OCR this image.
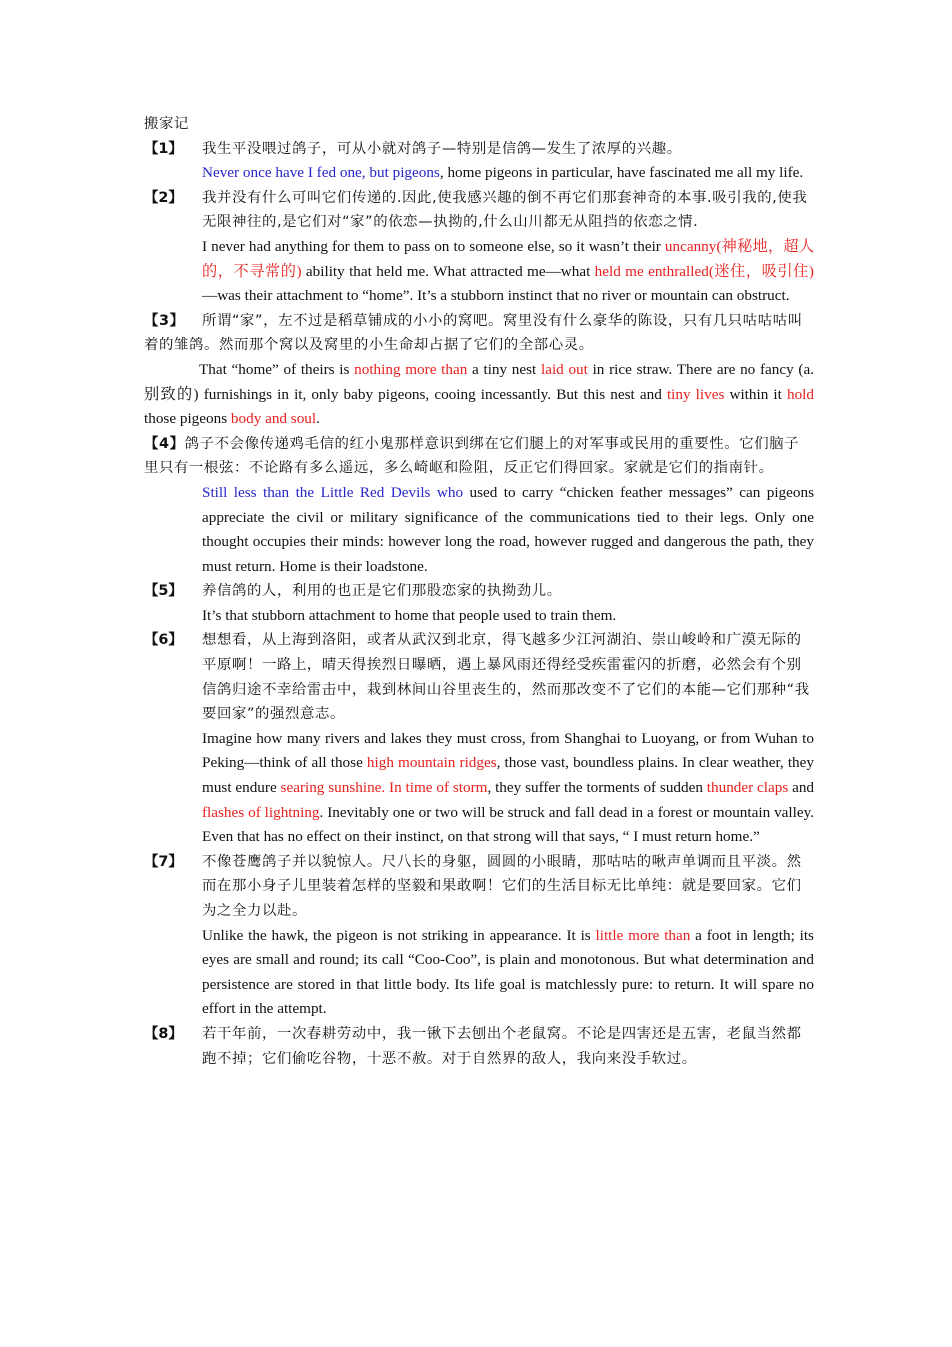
搬家记
【1】	我生平没喂过鸽子，可从小就对鸽子—特别是信鸽—发生了浓厚的兴趣。
Never once have I fed one, but pigeons, home pigeons in particular, have fascinated me all my life.
【2】	我并没有什么可叫它们传递的.因此,使我感兴趣的倒不再它们那套神奇的本事.吸引我的,使我无限神往的,是它们对“家”的依恋—执拗的,什么山川都无从阻挡的依恋之情.
I never had anything for them to pass on to someone else, so it wasn’t their uncanny(神秘地，超人的，不寻常的) ability that held me. What attracted me—what held me enthralled(迷住，吸引住)—was their attachment to “home”. It’s a stubborn instinct that no river or mountain can obstruct.
【3】 所谓“家”，左不过是稻草铺成的小小的窝吧。窝里没有什么豪华的陈设，只有几只咕咕咕叫着的雏鸽。然而那个窝以及窝里的小生命却占据了它们的全部心灵。
That “home” of theirs is nothing more than a tiny nest laid out in rice straw. There are no fancy (a. 别致的) furnishings in it, only baby pigeons, cooing incessantly. But this nest and tiny lives within it hold those pigeons body and soul.
【4】鸽子不会像传递鸡毛信的红小鬼那样意识到绑在它们腿上的对军事或民用的重要性。它们脑子里只有一根弦：不论路有多么遥远，多么崎岖和险阻，反正它们得回家。家就是它们的指南针。
Still less than the Little Red Devils who used to carry “chicken feather messages” can pigeons appreciate the civil or military significance of the communications tied to their legs. Only one thought occupies their minds: however long the road, however rugged and dangerous the path, they must return. Home is their loadstone.
【5】	养信鸽的人，利用的也正是它们那股恋家的执拗劲儿。
It’s that stubborn attachment to home that people used to train them.
【6】	想想看，从上海到洛阳，或者从武汉到北京，得飞越多少江河湖泊、崇山峻岭和广漠无际的平原啊！一路上，晴天得挨烈日曝晒，遇上暴风雨还得经受疾雷霍闪的折磨，必然会有个别信鸽归途不幸给雷击中，栽到林间山谷里丧生的，然而那改变不了它们的本能—它们那种“我要回家”的强烈意志。
Imagine how many rivers and lakes they must cross, from Shanghai to Luoyang, or from Wuhan to Peking—think of all those high mountain ridges, those vast, boundless plains. In clear weather, they must endure searing sunshine. In time of storm, they suffer the torments of sudden thunder claps and flashes of lightning. Inevitably one or two will be struck and fall dead in a forest or mountain valley. Even that has no effect on their instinct, on that strong will that says, “ I must return home.”
【7】	不像苍鹰鸽子并以貌惊人。尺八长的身躯，圆圆的小眼睛，那咕咕的啾声单调而且平淡。然而在那小身子儿里装着怎样的坚毅和果敢啊！它们的生活目标无比单纯：就是要回家。它们为之全力以赴。
Unlike the hawk, the pigeon is not striking in appearance. It is little more than a foot in length; its eyes are small and round; its call “Coo-Coo”, is plain and monotonous. But what determination and persistence are stored in that little body. Its life goal is matchlessly pure: to return. It will spare no effort in the attempt.
【8】	若干年前，一次春耕劳动中，我一锹下去刨出个老鼠窝。不论是四害还是五害，老鼠当然都跑不掉；它们偷吃谷物，十恶不赦。对于自然界的敌人，我向来没手软过。
